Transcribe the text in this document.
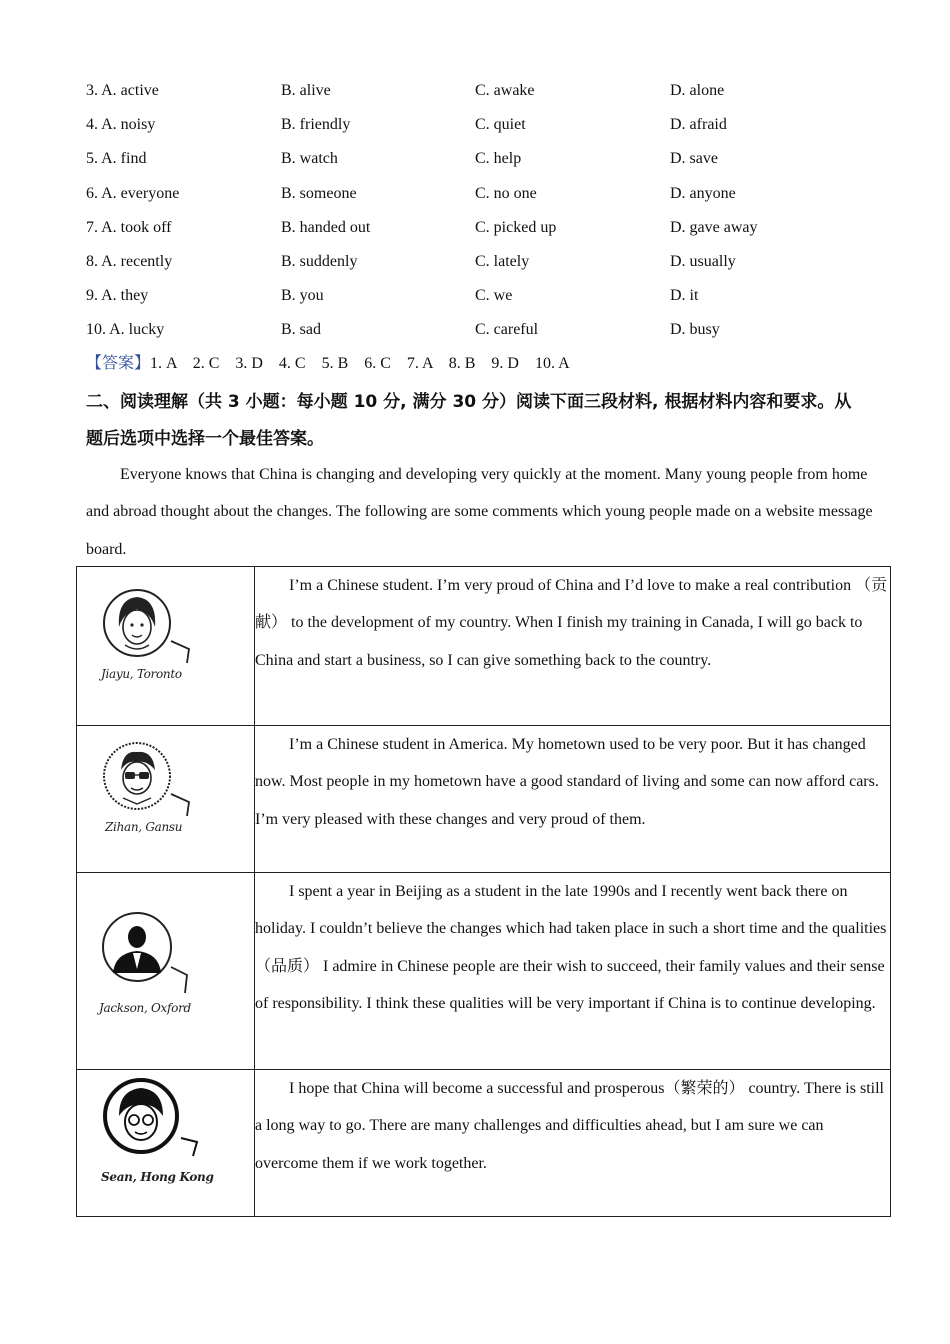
3. A. active	B. alive	C. awake	D. alone
4. A. noisy	B. friendly	C. quiet	D. afraid
5. A. find	B. watch	C. help	D. save
6. A. everyone	B. someone	C. no one	D. anyone
7. A. took off	B. handed out	C. picked up	D. gave away
8. A. recently	B. suddenly	C. lately	D. usually
9. A. they	B. you	C. we	D. it
10. A. lucky	B. sad	C. careful	D. busy
【答案】1. A    2. C    3. D    4. C    5. B    6. C    7. A    8. B    9. D    10. A
二、阅读理解（共 3 小题：每小题 10 分, 满分 30 分）阅读下面三段材料, 根据材料内容和要求。从题后选项中选择一个最佳答案。
Everyone knows that China is changing and developing very quickly at the moment. Many young people from home and abroad thought about the changes. The following are some comments which young people made on a website message board.
Jiayu, Toronto	I’m a Chinese student. I’m very proud of China and I’d love to make a real contribution （贡献） to the development of my country. When I finish my training in Canada, I will go back to China and start a business, so I can give something back to the country.

Zihan, Gansu	I’m a Chinese student in America. My hometown used to be very poor. But it has changed now. Most people in my hometown have a good standard of living and some can now afford cars. I’m very pleased with these changes and very proud of them.

Jackson, Oxford	I spent a year in Beijing as a student in the late 1990s and I recently went back there on holiday. I couldn’t believe the changes which had taken place in such a short time and the qualities （品质） I admire in Chinese people are their wish to succeed, their family values and their sense of responsibility. I think these qualities will be very important if China is to continue developing.

Sean, Hong Kong	I hope that China will become a successful and prosperous（繁荣的） country. There is still a long way to go. There are many challenges and difficulties ahead, but I am sure we can overcome them if we work together.
